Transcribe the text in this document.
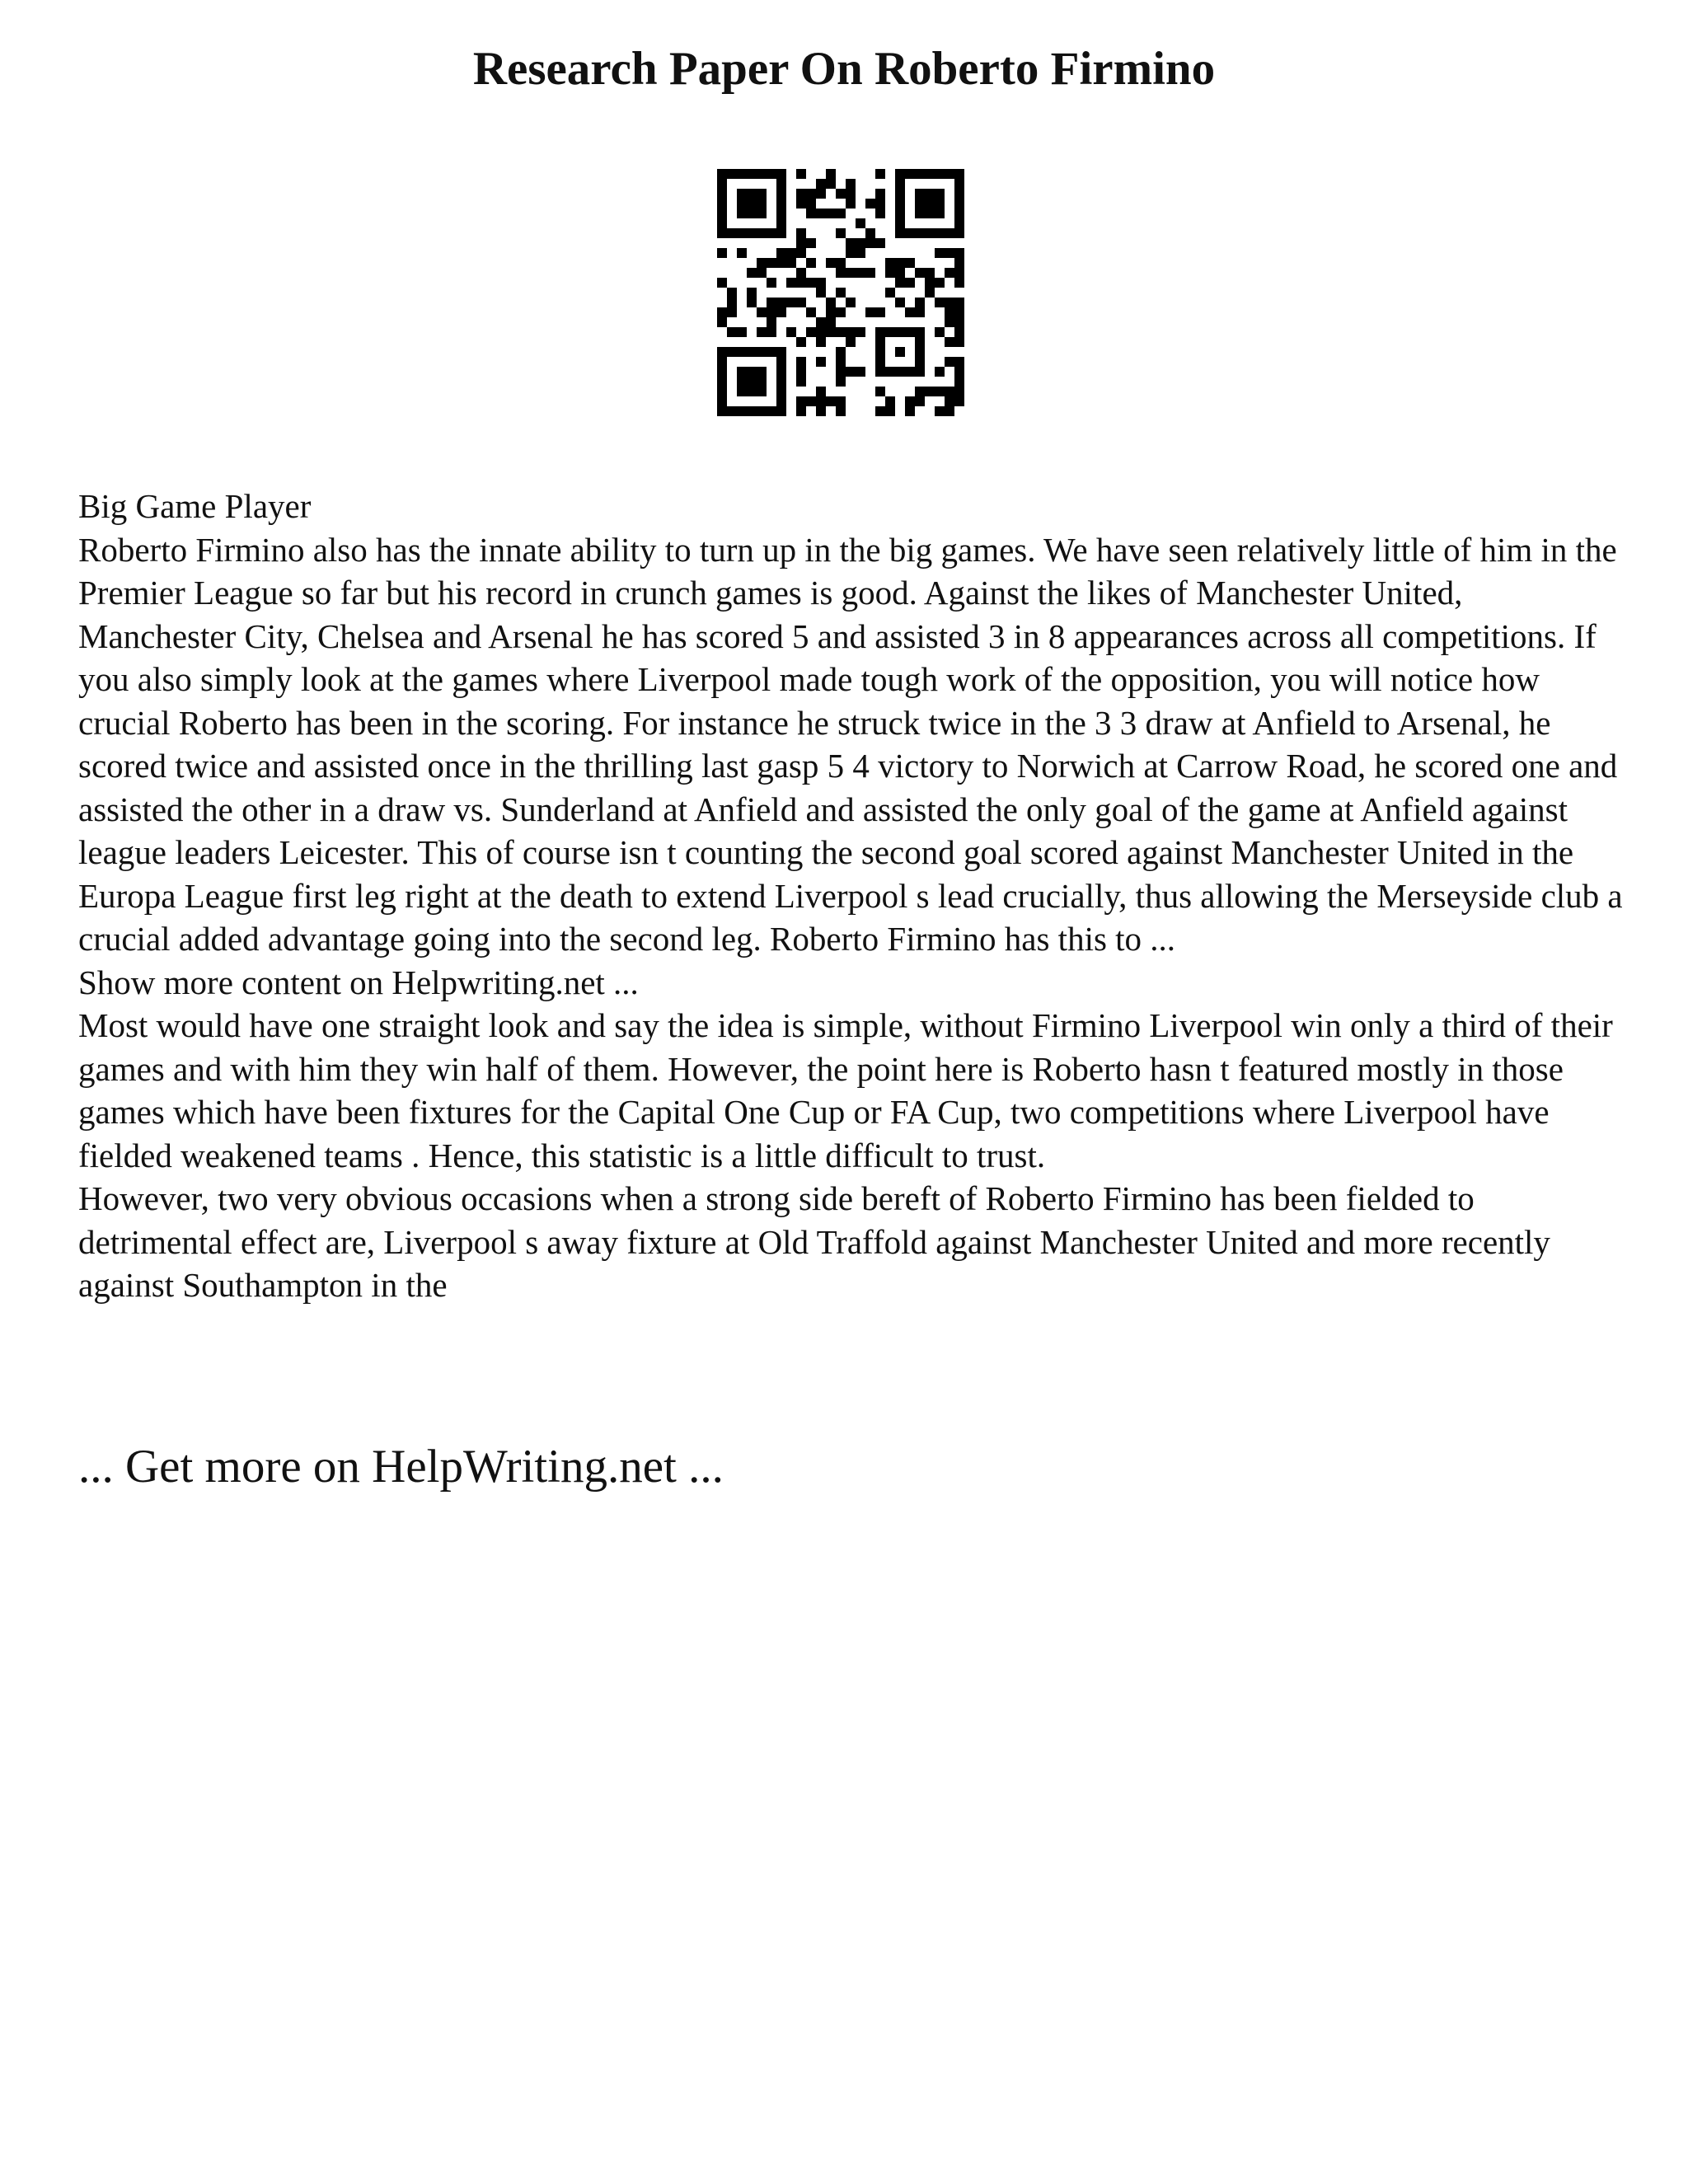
Research Paper On Roberto Firmino

Big Game Player

Roberto Firmino also has the innate ability to turn up in the big games. We have seen relatively little of him in the Premier League so far but his record in crunch games is good. Against the likes of Manchester United, Manchester City, Chelsea and Arsenal he has scored 5 and assisted 3 in 8 appearances across all competitions. If you also simply look at the games where Liverpool made tough work of the opposition, you will notice how crucial Roberto has been in the scoring. For instance he struck twice in the 3 3 draw at Anfield to Arsenal, he scored twice and assisted once in the thrilling last gasp 5 4 victory to Norwich at Carrow Road, he scored one and assisted the other in a draw vs. Sunderland at Anfield and assisted the only goal of the game at Anfield against league leaders Leicester. This of course isn t counting the second goal scored against Manchester United in the Europa League first leg right at the death to extend Liverpool s lead crucially, thus allowing the Merseyside club a crucial added advantage going into the second leg. Roberto Firmino has this to ...

Show more content on Helpwriting.net ...

Most would have one straight look and say the idea is simple, without Firmino Liverpool win only a third of their games and with him they win half of them. However, the point here is Roberto hasn t featured mostly in those games which have been fixtures for the Capital One Cup or FA Cup, two competitions where Liverpool have fielded weakened teams . Hence, this statistic is a little difficult to trust.

However, two very obvious occasions when a strong side bereft of Roberto Firmino has been fielded to detrimental effect are, Liverpool s away fixture at Old Traffold against Manchester United and more recently against Southampton in the

... Get more on HelpWriting.net ...
